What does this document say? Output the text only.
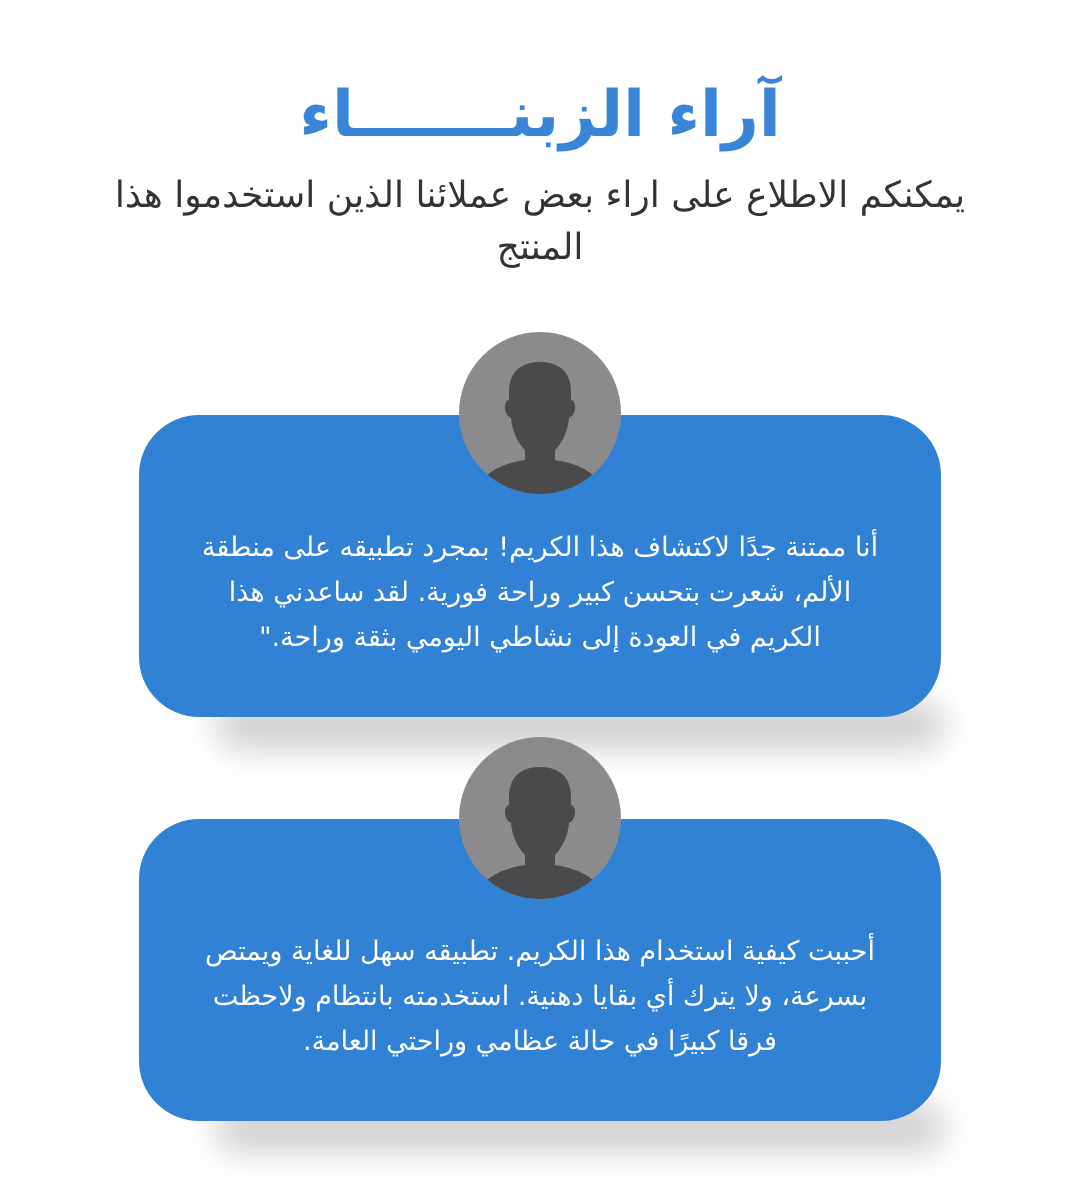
آراء الزبنـــــــاء

يمكنكم الاطلاع على اراء بعض عملائنا الذين استخدموا هذا المنتج

أنا ممتنة جدًا لاكتشاف هذا الكريم! بمجرد تطبيقه على منطقة الألم، شعرت بتحسن كبير وراحة فورية. لقد ساعدني هذا الكريم في العودة إلى نشاطي اليومي بثقة وراحة."

أحببت كيفية استخدام هذا الكريم. تطبيقه سهل للغاية ويمتص بسرعة، ولا يترك أي بقايا دهنية. استخدمته بانتظام ولاحظت فرقا كبيرًا في حالة عظامي وراحتي العامة.
